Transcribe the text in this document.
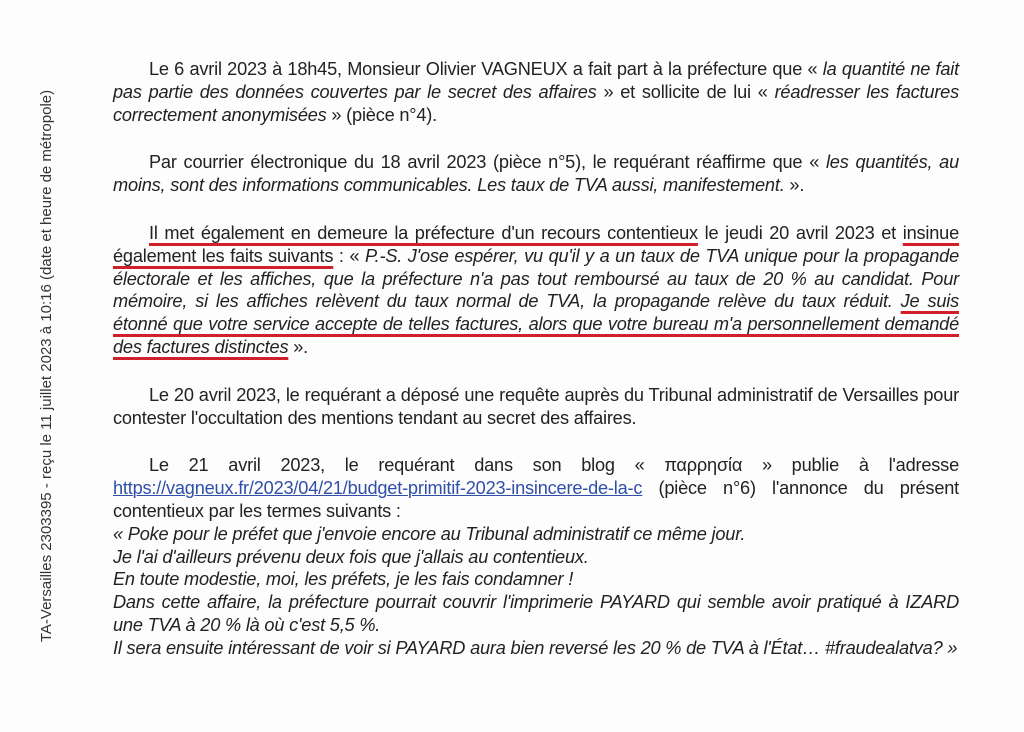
TA-Versailles 2303395 - reçu le 11 juillet 2023 à 10:16 (date et heure de métropole)

Le 6 avril 2023 à 18h45, Monsieur Olivier VAGNEUX a fait part à la préfecture que « la quantité ne fait pas partie des données couvertes par le secret des affaires » et sollicite de lui « réadresser les factures correctement anonymisées » (pièce n°4).

Par courrier électronique du 18 avril 2023 (pièce n°5), le requérant réaffirme que « les quantités, au moins, sont des informations communicables. Les taux de TVA aussi, manifestement. ».

Il met également en demeure la préfecture d'un recours contentieux le jeudi 20 avril 2023 et insinue également les faits suivants : « P.-S. J'ose espérer, vu qu'il y a un taux de TVA unique pour la propagande électorale et les affiches, que la préfecture n'a pas tout remboursé au taux de 20 % au candidat. Pour mémoire, si les affiches relèvent du taux normal de TVA, la propagande relève du taux réduit. Je suis étonné que votre service accepte de telles factures, alors que votre bureau m'a personnellement demandé des factures distinctes ».

Le 20 avril 2023, le requérant a déposé une requête auprès du Tribunal administratif de Versailles pour contester l'occultation des mentions tendant au secret des affaires.

Le 21 avril 2023, le requérant dans son blog « παρρησία » publie à l'adresse https://vagneux.fr/2023/04/21/budget-primitif-2023-insincere-de-la-c (pièce n°6) l'annonce du présent contentieux par les termes suivants :

« Poke pour le préfet que j'envoie encore au Tribunal administratif ce même jour.

Je l'ai d'ailleurs prévenu deux fois que j'allais au contentieux.

En toute modestie, moi, les préfets, je les fais condamner !

Dans cette affaire, la préfecture pourrait couvrir l'imprimerie PAYARD qui semble avoir pratiqué à IZARD une TVA à 20 % là où c'est 5,5 %.

Il sera ensuite intéressant de voir si PAYARD aura bien reversé les 20 % de TVA à l'État… #fraudealatva? »
